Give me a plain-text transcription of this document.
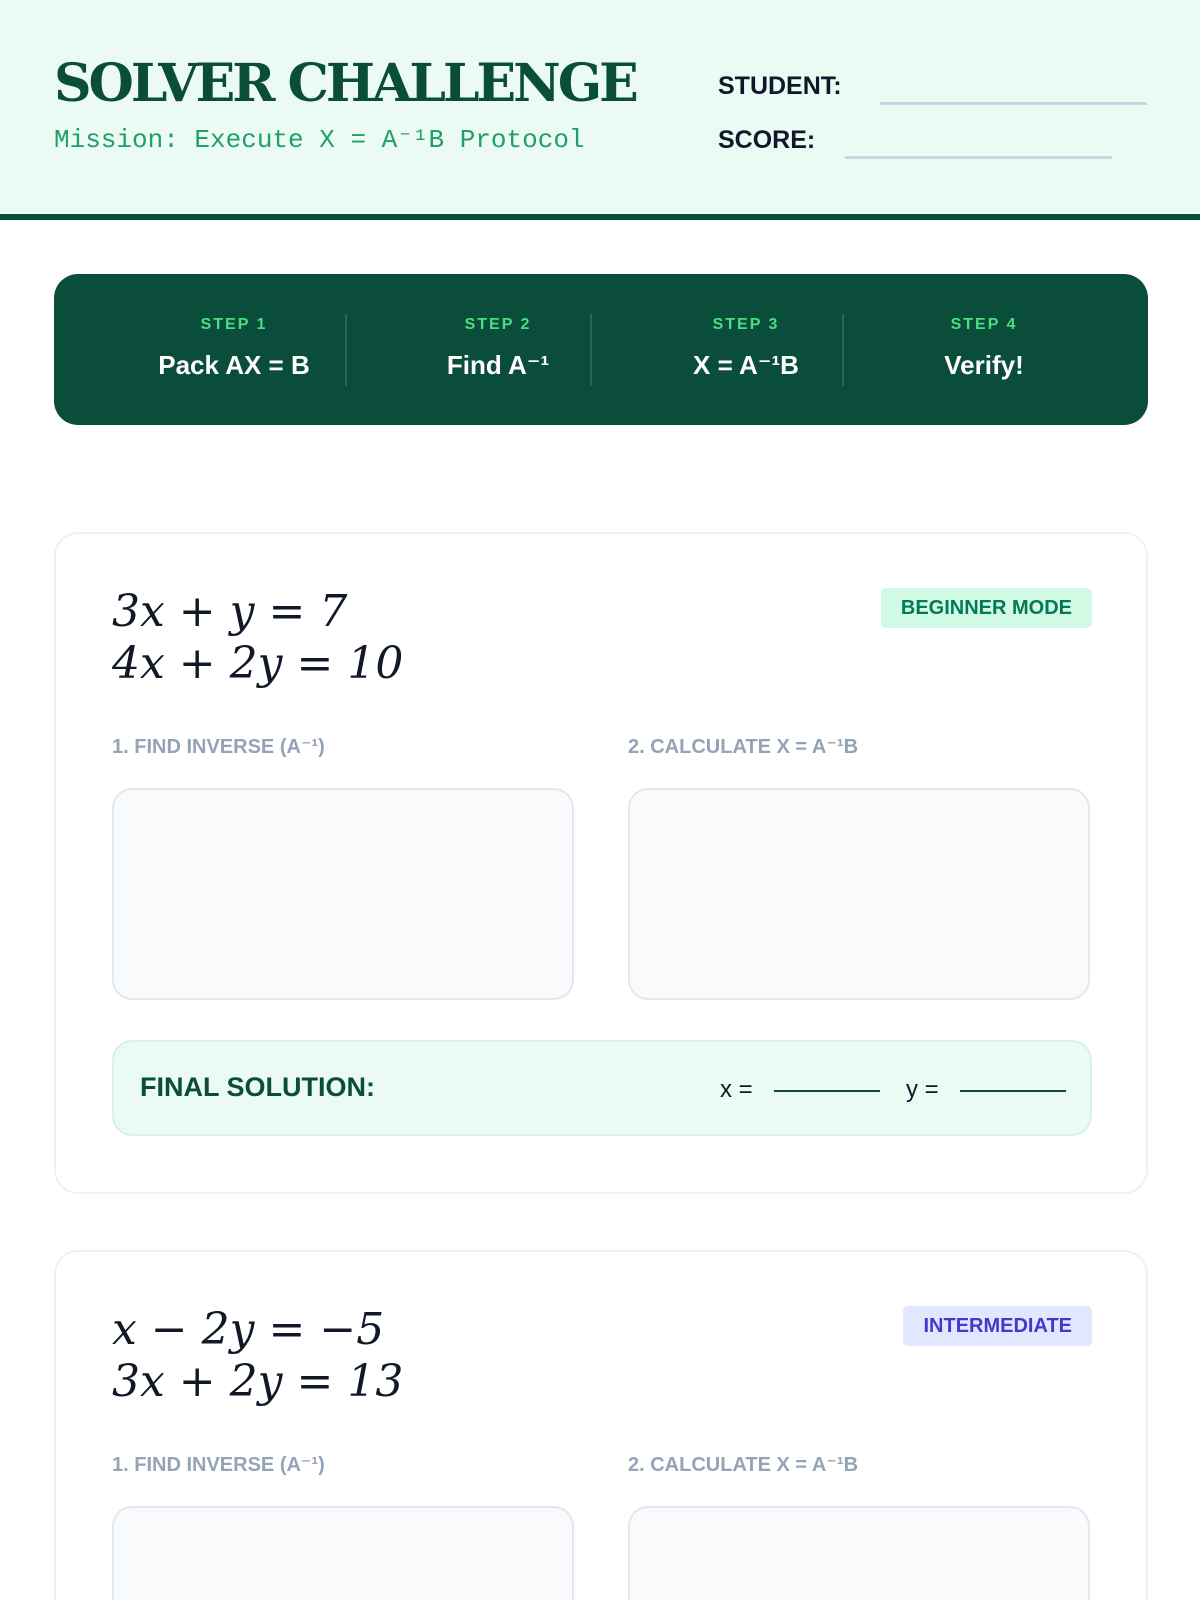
SOLVER CHALLENGE
Mission: Execute X = A⁻¹B Protocol
STUDENT:
SCORE:
STEP 1
Pack AX = B
STEP 2
Find A⁻¹
STEP 3
X = A⁻¹B
STEP 4
Verify!
3x + y = 7
4x + 2y = 10
BEGINNER MODE
1. FIND INVERSE (A⁻¹)	2. CALCULATE X = A⁻¹B
FINAL SOLUTION:	x =	y =
x − 2y = −5
3x + 2y = 13
INTERMEDIATE
1. FIND INVERSE (A⁻¹)	2. CALCULATE X = A⁻¹B
